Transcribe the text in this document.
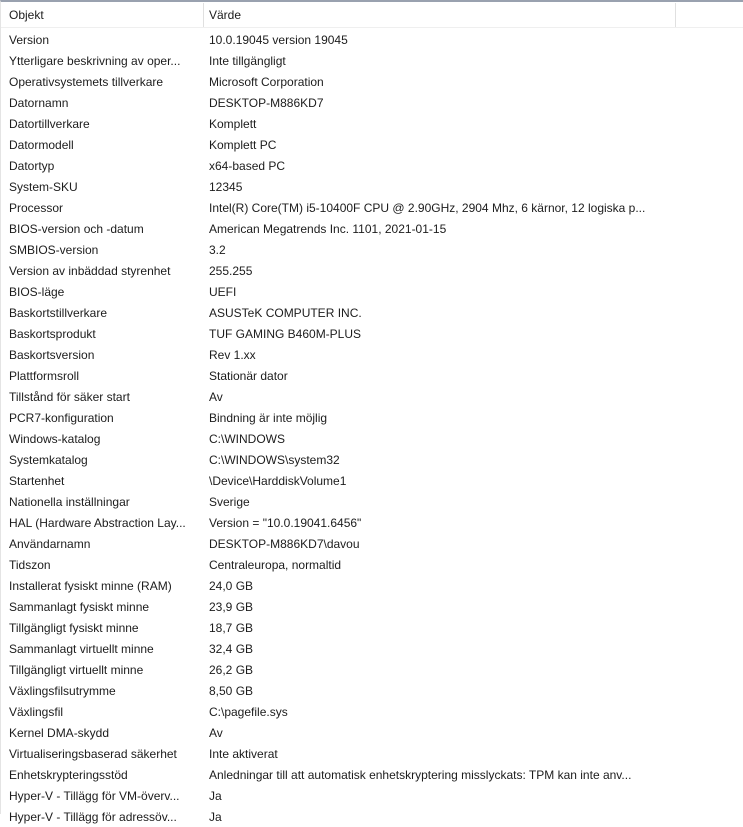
Objekt	Värde
Version	10.0.19045 version 19045
Ytterligare beskrivning av oper...	Inte tillgängligt
Operativsystemets tillverkare	Microsoft Corporation
Datornamn	DESKTOP-M886KD7
Datortillverkare	Komplett
Datormodell	Komplett PC
Datortyp	x64-based PC
System-SKU	12345
Processor	Intel(R) Core(TM) i5-10400F CPU @ 2.90GHz, 2904 Mhz, 6 kärnor, 12 logiska p...
BIOS-version och -datum	American Megatrends Inc. 1101, 2021-01-15
SMBIOS-version	3.2
Version av inbäddad styrenhet	255.255
BIOS-läge	UEFI
Baskortstillverkare	ASUSTeK COMPUTER INC.
Baskortsprodukt	TUF GAMING B460M-PLUS
Baskortsversion	Rev 1.xx
Plattformsroll	Stationär dator
Tillstånd för säker start	Av
PCR7-konfiguration	Bindning är inte möjlig
Windows-katalog	C:\WINDOWS
Systemkatalog	C:\WINDOWS\system32
Startenhet	\Device\HarddiskVolume1
Nationella inställningar	Sverige
HAL (Hardware Abstraction Lay...	Version = "10.0.19041.6456"
Användarnamn	DESKTOP-M886KD7\davou
Tidszon	Centraleuropa, normaltid
Installerat fysiskt minne (RAM)	24,0 GB
Sammanlagt fysiskt minne	23,9 GB
Tillgängligt fysiskt minne	18,7 GB
Sammanlagt virtuellt minne	32,4 GB
Tillgängligt virtuellt minne	26,2 GB
Växlingsfilsutrymme	8,50 GB
Växlingsfil	C:\pagefile.sys
Kernel DMA-skydd	Av
Virtualiseringsbaserad säkerhet	Inte aktiverat
Enhetskrypteringsstöd	Anledningar till att automatisk enhetskryptering misslyckats: TPM kan inte anv...
Hyper-V - Tillägg för VM-överv...	Ja
Hyper-V - Tillägg för adressöv...	Ja
